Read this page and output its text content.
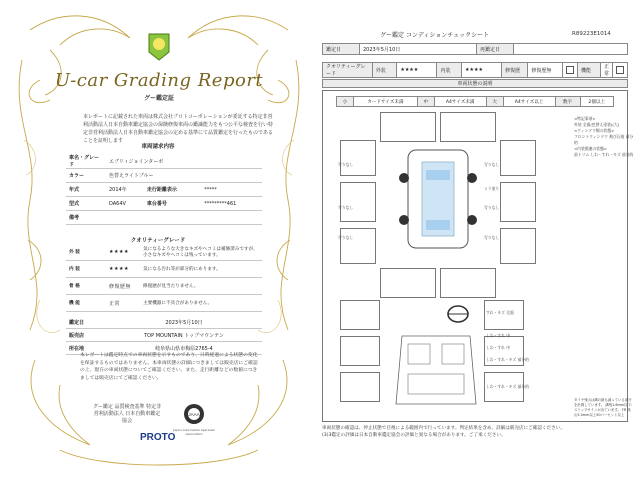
U-car Grading Report
グー鑑定証
本レポートに記載された車両は株式会社プロトコーポレーションが委託する特定非営利活動法人日本自動車鑑定協会の保険修復車両の鑑識能力をもつ公平な検査を行い特定非営利活動法人日本自動車鑑定協会の定める基準にて品質鑑定を行ったものであることを証明します
車両請求内容
車名・グレード	エブリィジョインターボ		
カラー	色替えライトブルー		
年式	2014年	走行距離表示	*****
型式	DA64V	車台番号	*********461
備考			
クオリティーグレード
外 装	★★★★	気になるような大きなキズやヘコミは補修済みですが、小さなキズやヘコミは残っています。
内 装	★★★★	気になる汚れ等が部分的にあります。
骨 格	修復歴無	修復歴が見当たりません。
機 能	正常	主要機器に不具合がありません。
鑑定日	2023年5月10日
販売店	TOP MOUNTAIN トップマウンテン
所在地	岐阜県山県市梅原2765-4
本レポートは鑑定時点での車両状態を示すものであり、日時経過による状態の変化を保証するものではありません。本車両状態の詳細につきましては販売店にご確認の上、現在の車両状態についてご確認ください。また、走行距離などの数値につきましては販売店にてご確認ください。
グー鑑定 品質検査基準 特定非営利活動法人 日本自動車鑑定協会
JAAA
Japan Automobile Appraisal Association
PROTO
グー鑑定 コンディションチェックシート	R89223E1014
鑑定日	2023年5月10日	再鑑定日	
クオリティーグレード	外装	★★★★	内装	★★★★	修復歴	修復歴無		機能	正常	
車両状態の説明
小	カードサイズ未満	中	A4サイズ未満	大	A4サイズ以上	数字	2個以上
写りなし
写りなし
写りなし
写りなし
写りなし
写りなし
ミラ塗り
<特記事項>
外装 全面(色替え塗装)(大)
<ウィンドウ類の状態>
フロントウィンドウ 飛び石痕 部分的
<内装関連の状態>
前トリム しわ・すれ・キズ 部分的
すれ・キズ 全面
しわ・すれ 中
しわ・すれ 中
しわ・すれ・キズ 部分的
しわ・すれ・キズ 部分的
タイヤ残山は溝の最も減っている部分を計測しています。 溝残1.6mm以下:スリップサインが出ています。 FR 残山5.0mm以上50パーセント以上
車両状態の確認は、停止状態で目視による範囲内で行っています。判定結果を含め、詳細は販売店にご確認ください。 (3)3鑑定の評価は日本自動車鑑定協会の評価と異なる場合があります。ご了承ください。
